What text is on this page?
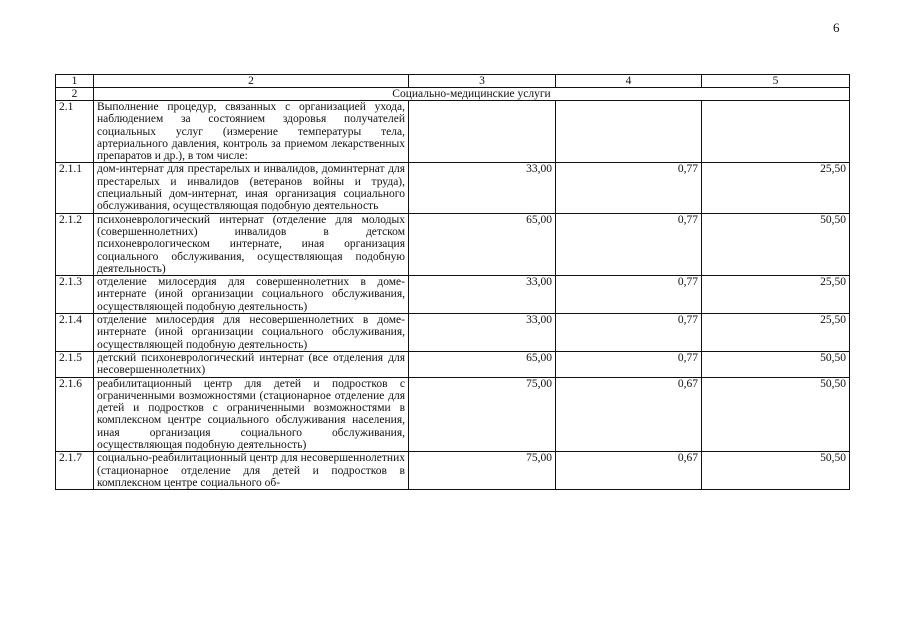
6
1	2	3	4	5
2	Социально-медицинские услуги			
2.1	Выполнение процедур, связанных с организацией ухода, наблюдением за состоянием здоровья получателей социальных услуг (измерение температуры тела, артериального давления, контроль за приемом лекарственных препаратов и др.), в том числе:			
2.1.1	дом-интернат для престарелых и инвалидов, доминтернат для престарелых и инвалидов (ветеранов войны и труда), специальный дом-интернат, иная организация социального обслуживания, осуществляющая подобную деятельность	33,00	0,77	25,50
2.1.2	психоневрологический интернат (отделение для молодых (совершеннолетних) инвалидов в детском психоневрологическом интернате, иная организация социального обслуживания, осуществляющая подобную деятельность)	65,00	0,77	50,50
2.1.3	отделение милосердия для совершеннолетних в доме-интернате (иной организации социального обслуживания, осуществляющей подобную деятельность)	33,00	0,77	25,50
2.1.4	отделение милосердия для несовершеннолетних в доме-интернате (иной организации социального обслуживания, осуществляющей подобную деятельность)	33,00	0,77	25,50
2.1.5	детский психоневрологический интернат (все отделения для несовершеннолетних)	65,00	0,77	50,50
2.1.6	реабилитационный центр для детей и подростков с ограниченными возможностями (стационарное отделение для детей и подростков с ограниченными возможностями в комплексном центре социального обслуживания населения, иная организация социального обслуживания, осуществляющая подобную деятельность)	75,00	0,67	50,50
2.1.7	социально-реабилитационный центр для несовершеннолетних (стационарное отделение для детей и подростков в комплексном центре социального об-	75,00	0,67	50,50
